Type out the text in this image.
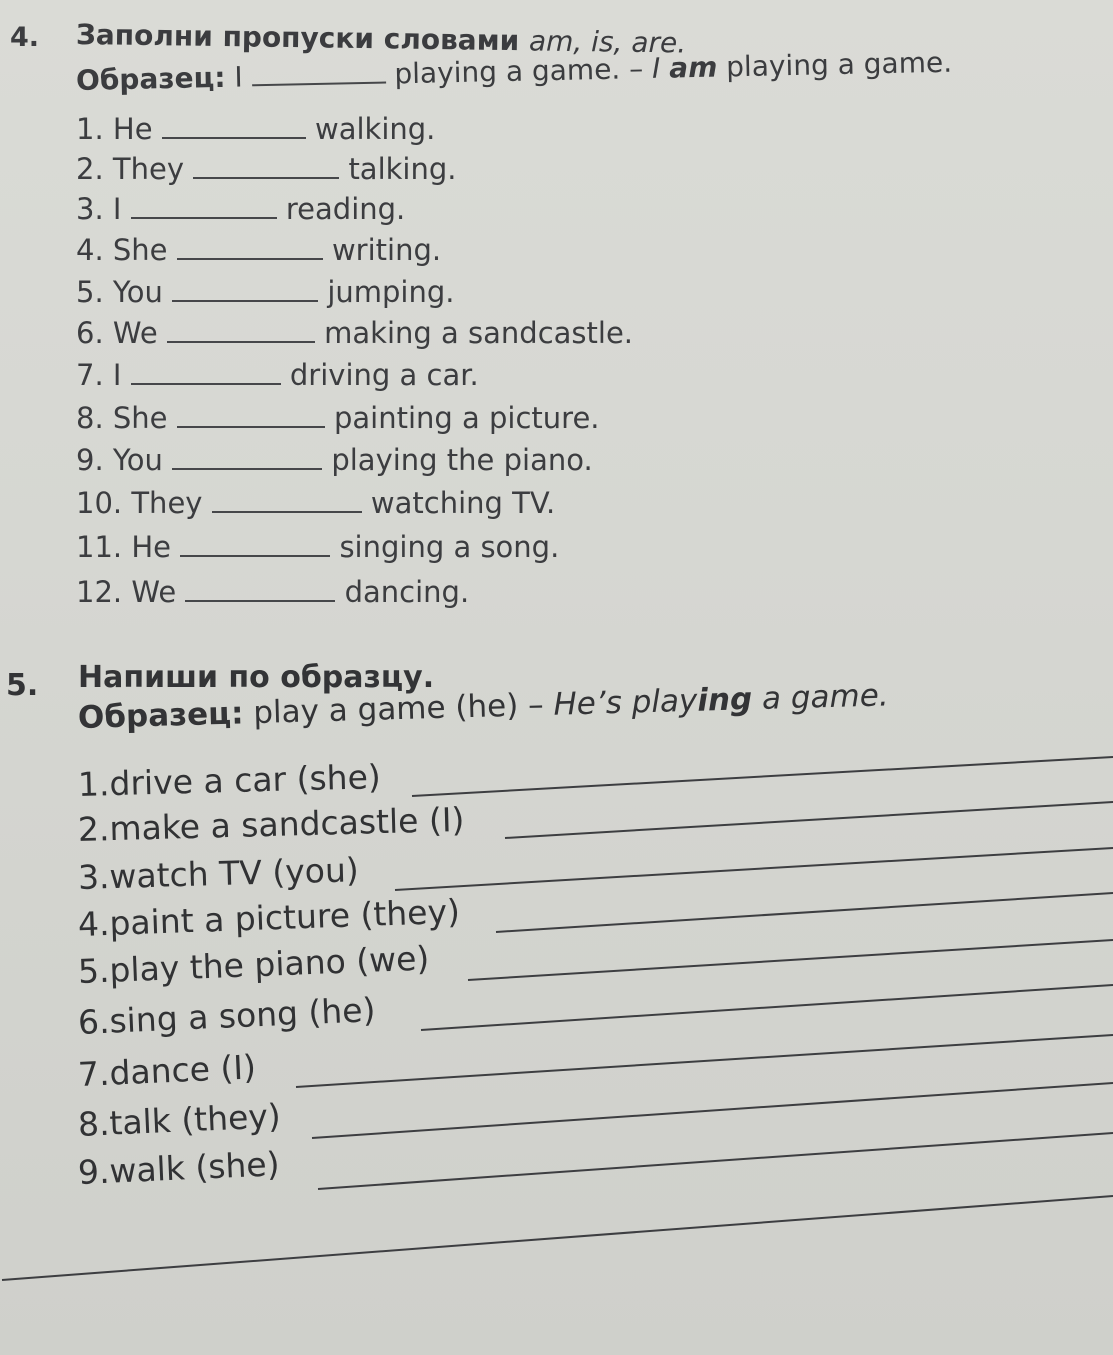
4. Заполни пропуски словами am, is, are.
Образец: I	playing a game. – I am playing a game.
1. He	walking.
2. They	talking.
3. I	reading.
4. She	writing.
5. You	jumping.
6. We	making a sandcastle.
7. I	driving a car.
8. She	painting a picture.
9. You	playing the piano.
10. They	watching TV.
11. He	singing a song.
12. We	dancing.
5. Напиши по образцу.
Образец: play a game (he) – He’s playing a game.
1.drive a car (she)
2.make a sandcastle (I)
3.watch TV (you)
4.paint a picture (they)
5.play the piano (we)
6.sing a song (he)
7.dance (I)
8.talk (they)
9.walk (she)
